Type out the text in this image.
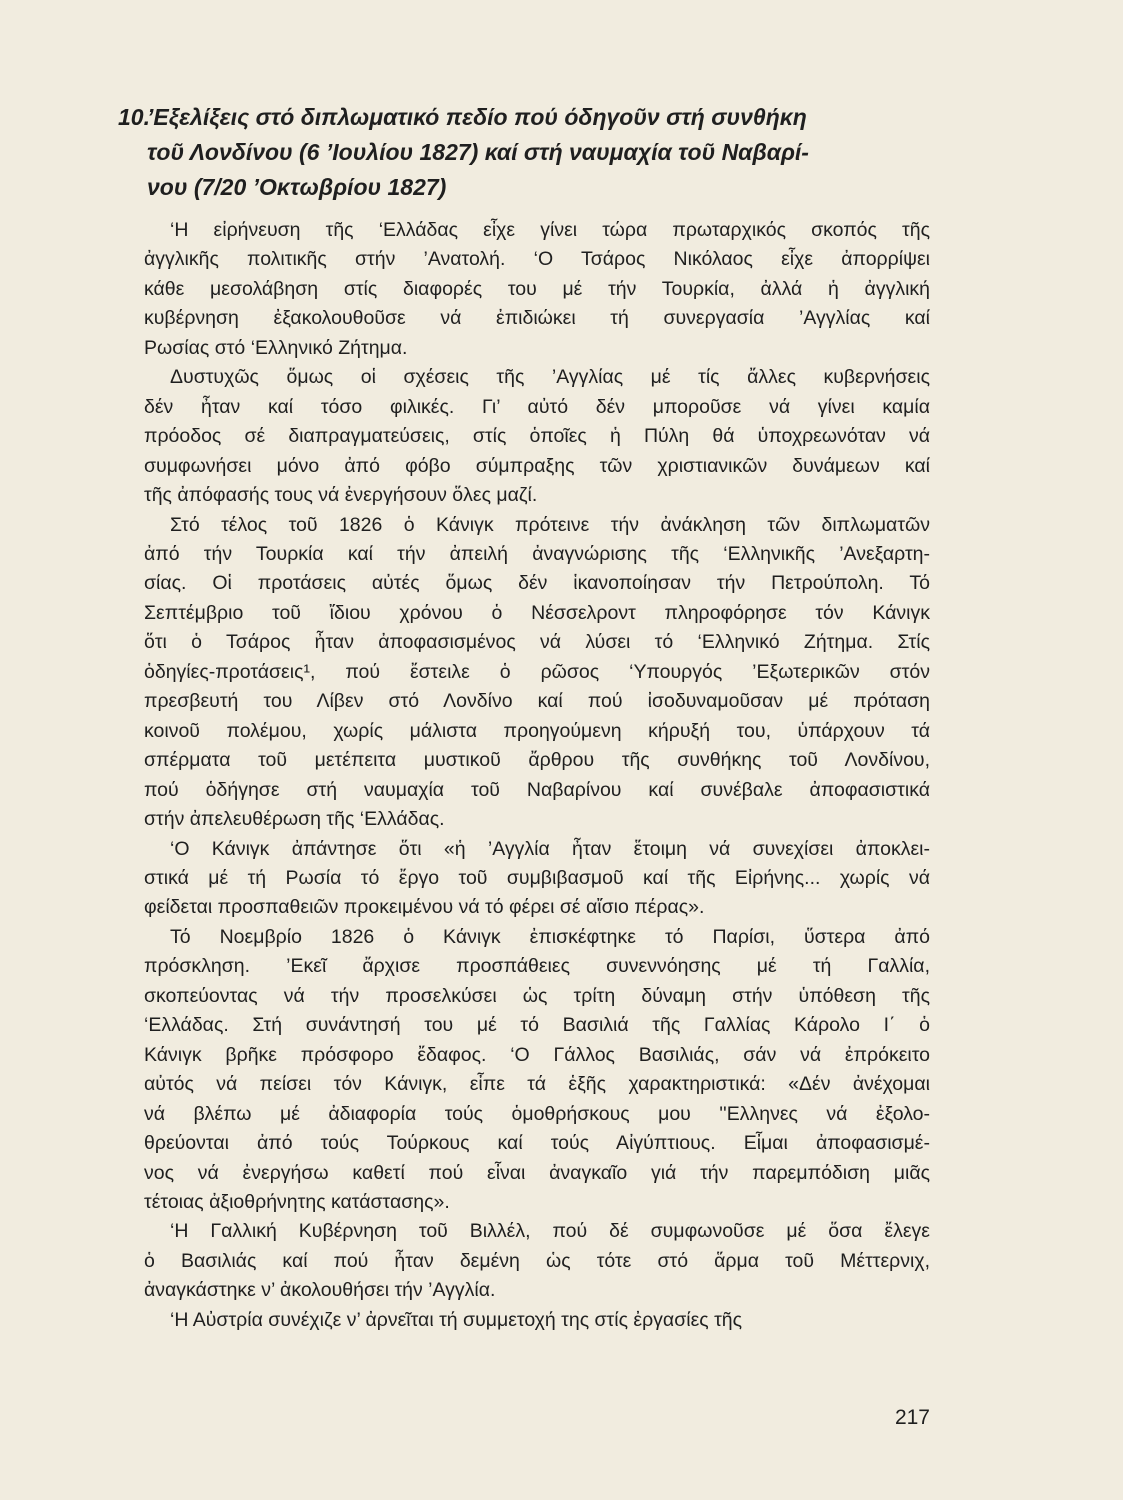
10.’Εξελίξεις στό διπλωματικό πεδίο πού όδηγοῦν στή συνθήκη
τοῦ Λονδίνου (6 ’Ιουλίου 1827) καί στή ναυμαχία τοῦ Ναβαρί-
νου (7/20 ’Οκτωβρίου 1827)

‘Η εἰρήνευση τῆς ‘Ελλάδας εἶχε γίνει τώρα πρωταρχικός σκοπός τῆς
ἀγγλικῆς πολιτικῆς στήν ’Ανατολή. ‘Ο Τσάρος Νικόλαος εἶχε ἀπορρίψει
κάθε μεσολάβηση στίς διαφορές του μέ τήν Τουρκία, ἀλλά ἡ ἀγγλική
κυβέρνηση ἐξακολουθοῦσε νά ἐπιδιώκει τή συνεργασία ’Αγγλίας καί
Ρωσίας στό ‘Ελληνικό Ζήτημα.

Δυστυχῶς ὅμως οἱ σχέσεις τῆς ’Αγγλίας μέ τίς ἄλλες κυβερνήσεις
δέν ἦταν καί τόσο φιλικές. Γι’ αὐτό δέν μποροῦσε νά γίνει καμία
πρόοδος σέ διαπραγματεύσεις, στίς ὁποῖες ἡ Πύλη θά ὑποχρεωνόταν νά
συμφωνήσει μόνο ἀπό φόβο σύμπραξης τῶν χριστιανικῶν δυνάμεων καί
τῆς ἀπόφασής τους νά ἐνεργήσουν ὅλες μαζί.

Στό τέλος τοῦ 1826 ὁ Κάνιγκ πρότεινε τήν ἀνάκληση τῶν διπλωματῶν
ἀπό τήν Τουρκία καί τήν ἀπειλή ἀναγνώρισης τῆς ‘Ελληνικῆς ’Ανεξαρτη-
σίας. Οἱ προτάσεις αὐτές ὅμως δέν ἱκανοποίησαν τήν Πετρούπολη. Τό
Σεπτέμβριο τοῦ ἴδιου χρόνου ὁ Νέσσελροντ πληροφόρησε τόν Κάνιγκ
ὅτι ὁ Τσάρος ἦταν ἀποφασισμένος νά λύσει τό ‘Ελληνικό Ζήτημα. Στίς
ὁδηγίες-προτάσεις¹, πού ἔστειλε ὁ ρῶσος ‘Υπουργός ’Εξωτερικῶν στόν
πρεσβευτή του Λίβεν στό Λονδίνο καί πού ἰσοδυναμοῦσαν μέ πρόταση
κοινοῦ πολέμου, χωρίς μάλιστα προηγούμενη κήρυξή του, ὑπάρχουν τά
σπέρματα τοῦ μετέπειτα μυστικοῦ ἄρθρου τῆς συνθήκης τοῦ Λονδίνου,
πού ὁδήγησε στή ναυμαχία τοῦ Ναβαρίνου καί συνέβαλε ἀποφασιστικά
στήν ἀπελευθέρωση τῆς ‘Ελλάδας.

‘Ο Κάνιγκ ἀπάντησε ὅτι «ἡ ’Αγγλία ἦταν ἕτοιμη νά συνεχίσει ἀποκλει-
στικά μέ τή Ρωσία τό ἔργο τοῦ συμβιβασμοῦ καί τῆς Εἰρήνης... χωρίς νά
φείδεται προσπαθειῶν προκειμένου νά τό φέρει σέ αἴσιο πέρας».

Τό Νοεμβρίο 1826 ὁ Κάνιγκ ἐπισκέφτηκε τό Παρίσι, ὕστερα ἀπό
πρόσκληση. ’Εκεῖ ἄρχισε προσπάθειες συνεννόησης μέ τή Γαλλία,
σκοπεύοντας νά τήν προσελκύσει ὡς τρίτη δύναμη στήν ὑπόθεση τῆς
‘Ελλάδας. Στή συνάντησή του μέ τό Βασιλιά τῆς Γαλλίας Κάρολο Ι΄ ὁ
Κάνιγκ βρῆκε πρόσφορο ἔδαφος. ‘Ο Γάλλος Βασιλιάς, σάν νά ἐπρόκειτο
αὐτός νά πείσει τόν Κάνιγκ, εἶπε τά ἑξῆς χαρακτηριστικά: «Δέν ἀνέχομαι
νά βλέπω μέ ἀδιαφορία τούς ὁμοθρήσκους μου ''Ελληνες νά ἐξολο-
θρεύονται ἀπό τούς Τούρκους καί τούς Αἰγύπτιους. Εἶμαι ἀποφασισμέ-
νος νά ἐνεργήσω καθετί πού εἶναι ἀναγκαῖο γιά τήν παρεμπόδιση μιᾶς
τέτοιας ἀξιοθρήνητης κατάστασης».

‘Η Γαλλική Κυβέρνηση τοῦ Βιλλέλ, πού δέ συμφωνοῦσε μέ ὅσα ἔλεγε
ὁ Βασιλιάς καί πού ἦταν δεμένη ὡς τότε στό ἅρμα τοῦ Μέττερνιχ,
ἀναγκάστηκε ν’ ἀκολουθήσει τήν ’Αγγλία.

‘Η Αὐστρία συνέχιζε ν’ ἀρνεῖται τή συμμετοχή της στίς ἐργασίες τῆς

217
